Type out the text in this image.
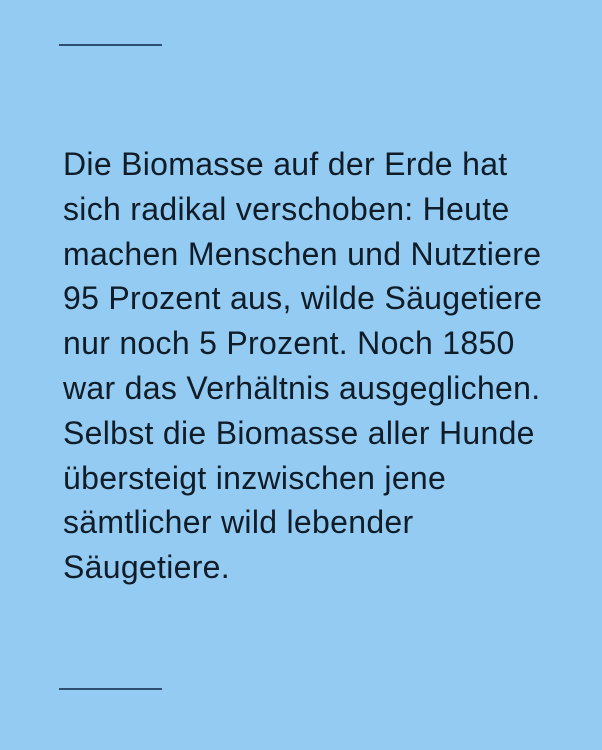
Die Biomasse auf der Erde hat
sich radikal verschoben: Heute
machen Menschen und Nutztiere
95 Prozent aus, wilde Säugetiere
nur noch 5 Prozent. Noch 1850
war das Verhältnis ausgeglichen.
Selbst die Biomasse aller Hunde
übersteigt inzwischen jene
sämtlicher wild lebender
Säugetiere.
